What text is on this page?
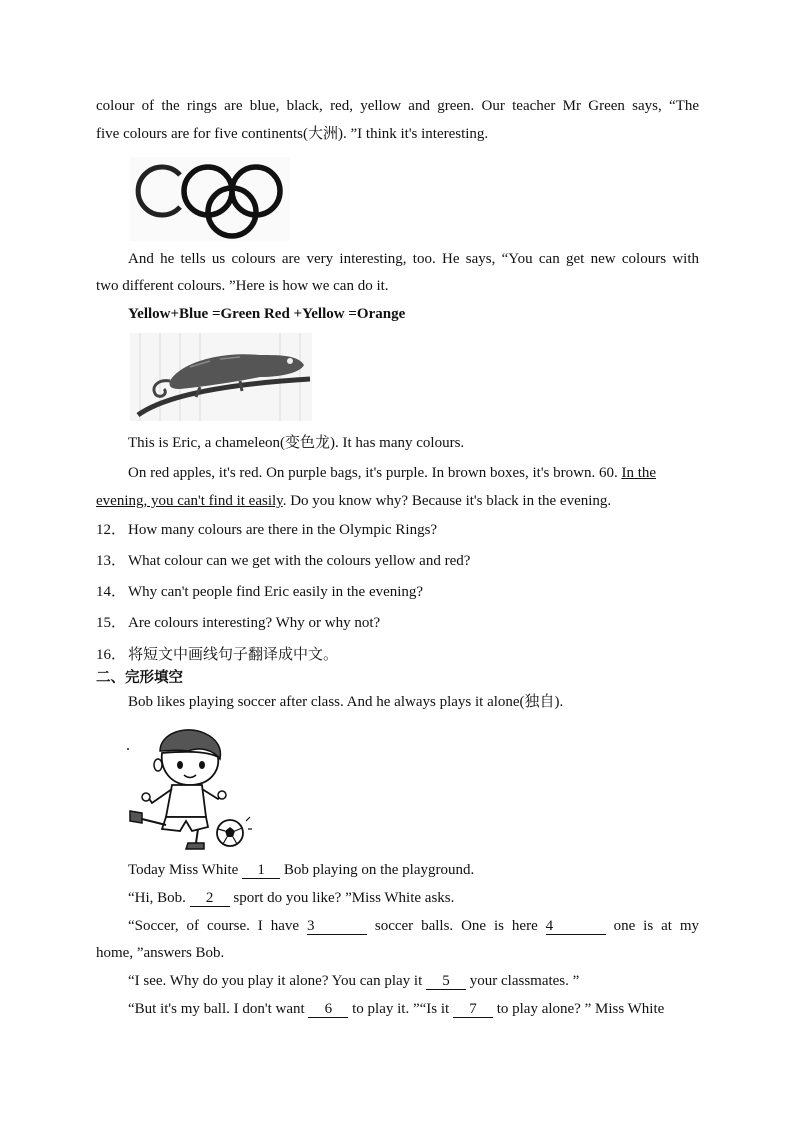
colour of the rings are blue, black, red, yellow and green. Our teacher Mr Green says, “The
five colours are for five continents(大洲). ”I think it's interesting.
And he tells us colours are very interesting, too. He says, “You can get new colours with
two different colours. ”Here is how we can do it.
Yellow+Blue =Green Red +Yellow =Orange
This is Eric, a chameleon(变色龙). It has many colours.
On red apples, it's red. On purple bags, it's purple. In brown boxes, it's brown. 60. In the
evening, you can't find it easily. Do you know why? Because it's black in the evening.
12． How many colours are there in the Olympic Rings?
13． What colour can we get with the colours yellow and red?
14． Why can't people find Eric easily in the evening?
15． Are colours interesting? Why or why not?
16． 将短文中画线句子翻译成中文。
二、完形填空
Bob likes playing soccer after class. And he always plays it alone(独自).
Today Miss White 1 Bob playing on the playground.
“Hi, Bob. 2 sport do you like? ”Miss White asks.
“Soccer, of course. I have 3	soccer balls. One is here 4	one is at my
home, ”answers Bob.
“I see. Why do you play it alone? You can play it 5 your classmates. ”
“But it's my ball. I don't want 6 to play it. ”“Is it 7 to play alone? ” Miss White
